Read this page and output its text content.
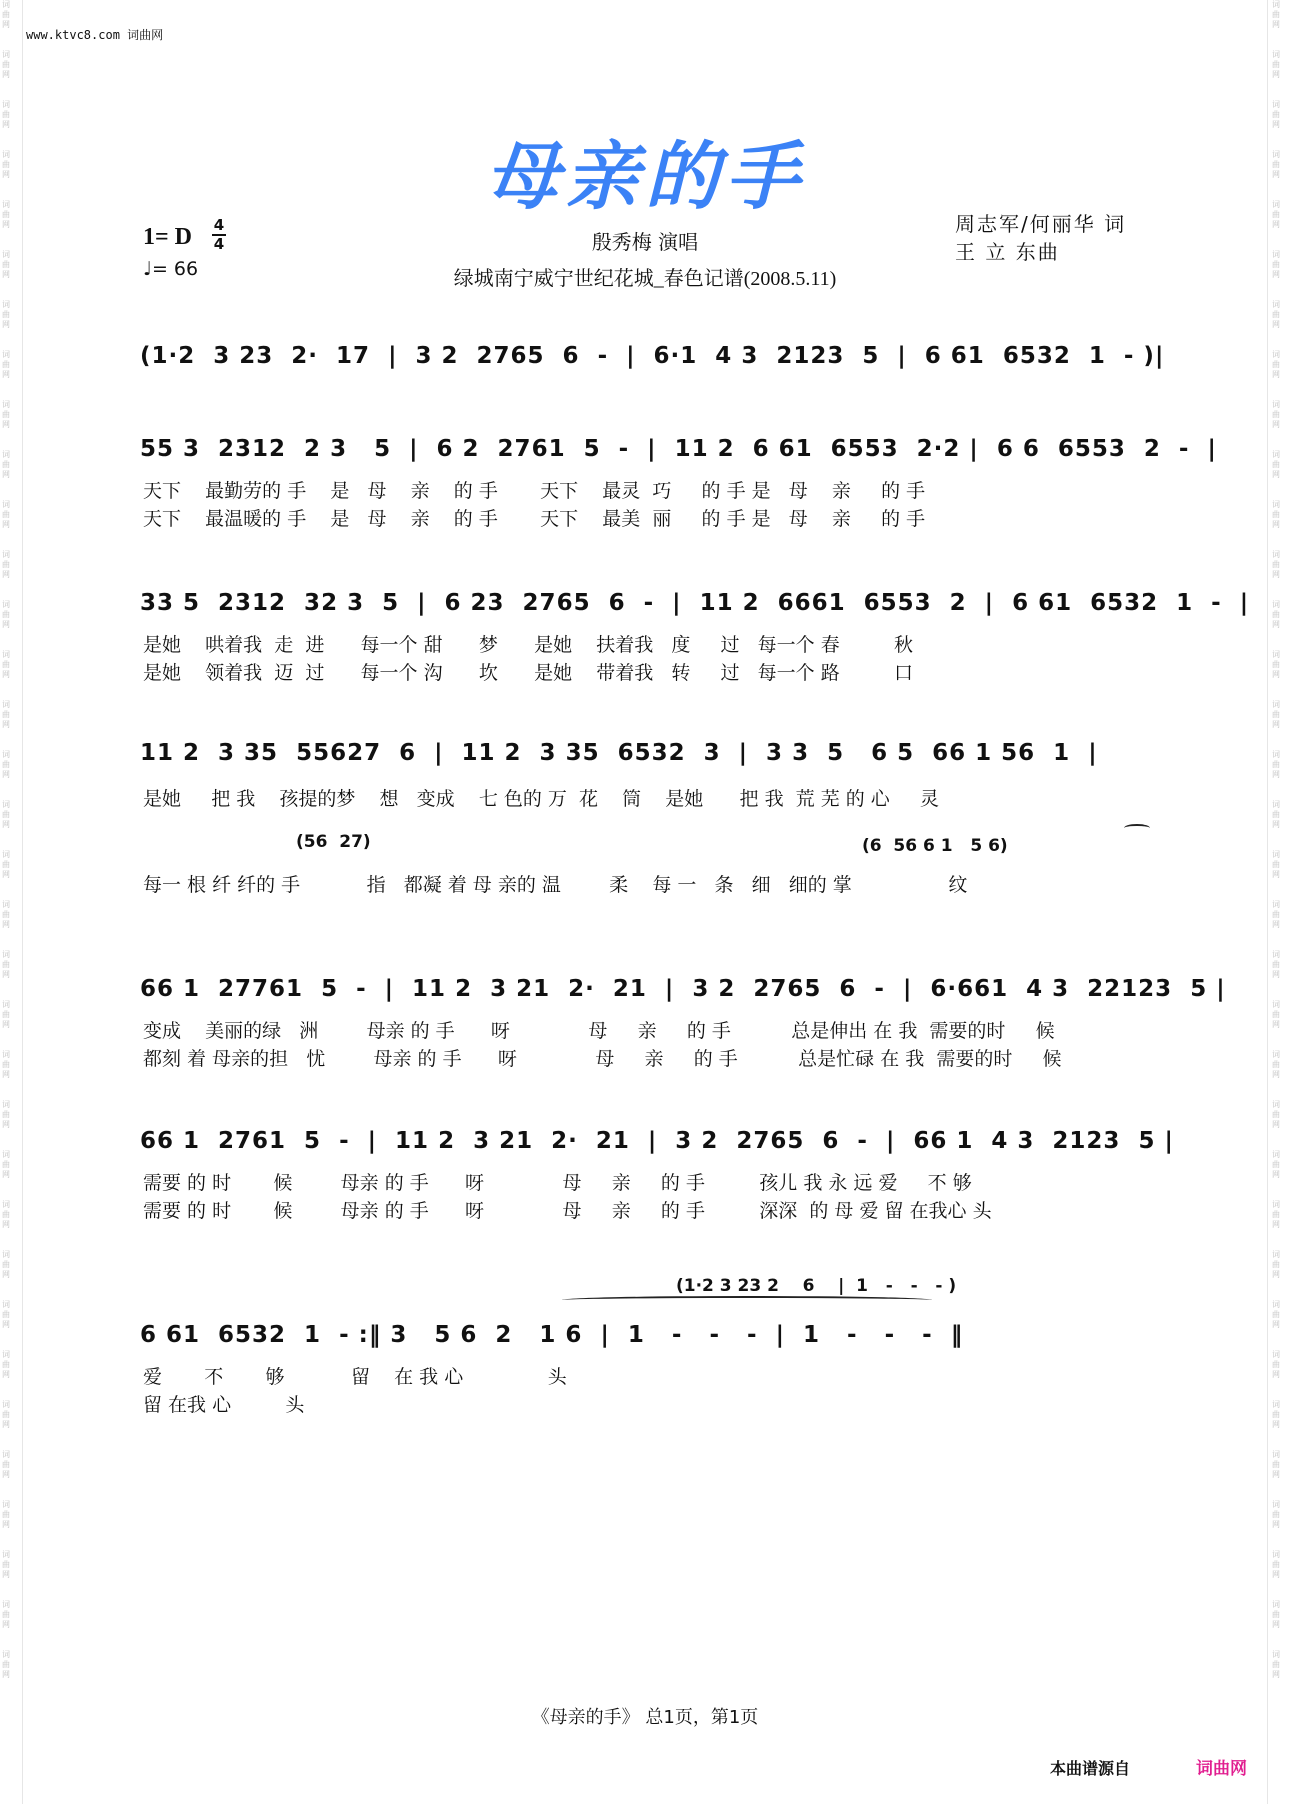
词
曲
网

词
曲
网

词
曲
网

词
曲
网

词
曲
网

词
曲
网

词
曲
网

词
曲
网

词
曲
网

词
曲
网

词
曲
网

词
曲
网

词
曲
网

词
曲
网

词
曲
网

词
曲
网

词
曲
网

词
曲
网

词
曲
网

词
曲
网

词
曲
网

词
曲
网

词
曲
网

词
曲
网

词
曲
网

词
曲
网

词
曲
网

词
曲
网

词
曲
网

词
曲
网

词
曲
网

词
曲
网

词
曲
网

词
曲
网

词
曲
网

词
曲
网

词
曲
网

词
曲
网

词
曲
网

词
曲
网

词
曲
网

词
曲
网

词
曲
网

词
曲
网

词
曲
网

词
曲
网

词
曲
网

词
曲
网

词
曲
网

词
曲
网

词
曲
网

词
曲
网

词
曲
网

词
曲
网

词
曲
网

词
曲
网

词
曲
网

词
曲
网

词
曲
网

词
曲
网

词
曲
网

词
曲
网

词
曲
网

词
曲
网

词
曲
网

词
曲
网

词
曲
网

词
曲
网

www.ktvc8.com 词曲网
母亲的手
1= D 4
4
♩= 66
殷秀梅 演唱
绿城南宁威宁世纪花城_春色记谱(2008.5.11)
周志军/何丽华 词
王 立 东曲
(1·2  3 23  2·  17  |  3 2  2765  6  -  |  6·1  4 3  2123  5  |  6 61  6532  1  - )|
55 3  2312  2 3   5  |  6 2  2761  5  -  |  11 2  6 61  6553  2·2 |  6 6  6553  2  -  |
天下    最勤劳的 手    是   母    亲    的 手       天下    最灵  巧     的 手 是   母    亲     的 手
天下    最温暖的 手    是   母    亲    的 手       天下    最美  丽     的 手 是   母    亲     的 手
33 5  2312  32 3  5  |  6 23  2765  6  -  |  11 2  6661  6553  2  |  6 61  6532  1  -  |
是她    哄着我  走  进      每一个 甜      梦      是她    扶着我   度     过   每一个 春         秋
是她    领着我  迈  过      每一个 沟      坎      是她    带着我   转     过   每一个 路         口
11 2  3 35  55627  6  |  11 2  3 35  6532  3  |  3 3  5   6 5  66 1 56  1  |
是她     把 我    孩提的梦    想   变成    七 色的 万  花    筒    是她      把 我  荒 芜 的 心     灵
(56  27)	(6  56 6 1   5 6)
每一 根 纤 纤的 手           指   都凝 着 母 亲的 温        柔    每 一   条   细   细的 掌                纹
66 1  27761  5  -  |  11 2  3 21  2·  21  |  3 2  2765  6  -  |  6·661  4 3  22123  5 |
变成    美丽的绿   洲        母亲 的 手      呀             母     亲     的 手          总是伸出 在 我  需要的时     候
都刻 着 母亲的担   忧        母亲 的 手      呀             母     亲     的 手          总是忙碌 在 我  需要的时     候
66 1  2761  5  -  |  11 2  3 21  2·  21  |  3 2  2765  6  -  |  66 1  4 3  2123  5 |
需要 的 时       候        母亲 的 手      呀             母     亲     的 手         孩儿 我 永 远 爱     不 够
需要 的 时       候        母亲 的 手      呀             母     亲     的 手         深深  的 母 爱 留 在我心 头
(1·2 3 23 2    6    |  1   -   -   - )
6 61  6532  1  - :‖ 3   5 6  2   1 6  |  1   -   -   -  |  1   -   -   -  ‖
爱       不       够           留    在 我 心              头
留 在我 心         头
《母亲的手》 总1页，第1页
本曲谱源自	词曲网
